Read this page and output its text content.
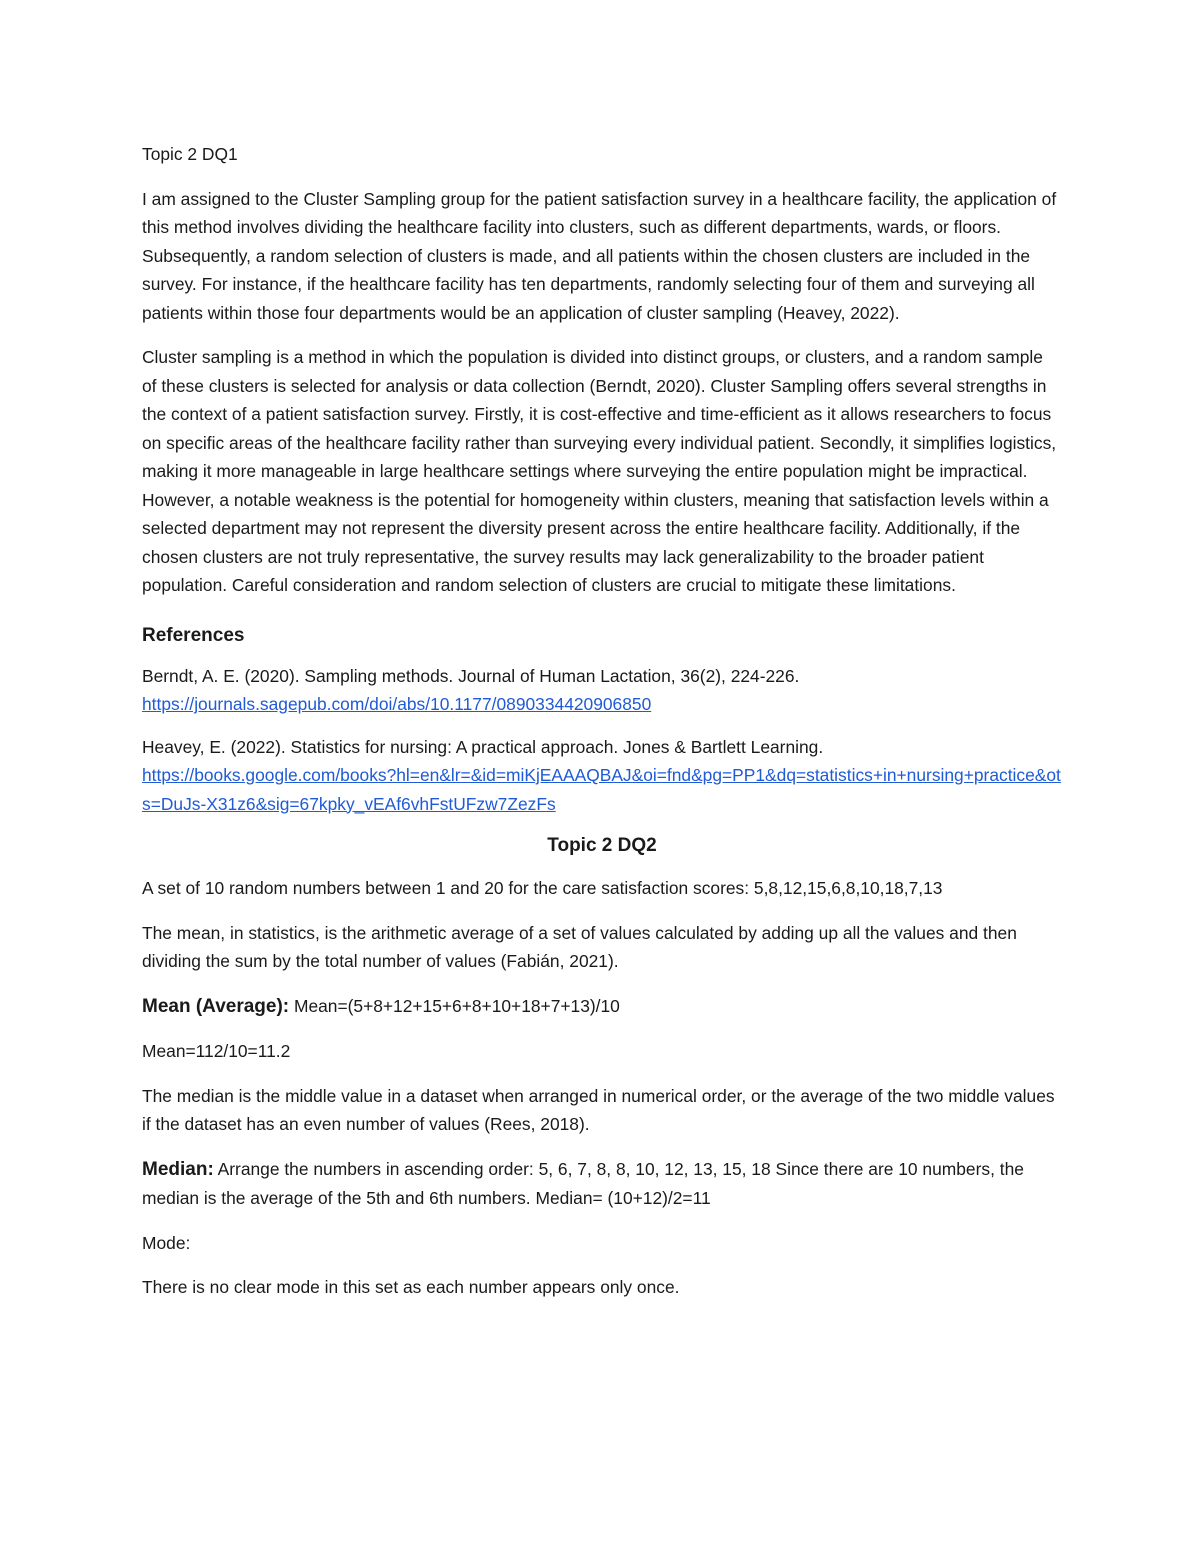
Topic 2 DQ1

I am assigned to the Cluster Sampling group for the patient satisfaction survey in a healthcare facility, the application of this method involves dividing the healthcare facility into clusters, such as different departments, wards, or floors. Subsequently, a random selection of clusters is made, and all patients within the chosen clusters are included in the survey. For instance, if the healthcare facility has ten departments, randomly selecting four of them and surveying all patients within those four departments would be an application of cluster sampling (Heavey, 2022).

Cluster sampling is a method in which the population is divided into distinct groups, or clusters, and a random sample of these clusters is selected for analysis or data collection (Berndt, 2020). Cluster Sampling offers several strengths in the context of a patient satisfaction survey. Firstly, it is cost-effective and time-efficient as it allows researchers to focus on specific areas of the healthcare facility rather than surveying every individual patient. Secondly, it simplifies logistics, making it more manageable in large healthcare settings where surveying the entire population might be impractical. However, a notable weakness is the potential for homogeneity within clusters, meaning that satisfaction levels within a selected department may not represent the diversity present across the entire healthcare facility. Additionally, if the chosen clusters are not truly representative, the survey results may lack generalizability to the broader patient population. Careful consideration and random selection of clusters are crucial to mitigate these limitations.

References
Berndt, A. E. (2020). Sampling methods. Journal of Human Lactation, 36(2), 224-226.
https://journals.sagepub.com/doi/abs/10.1177/0890334420906850
Heavey, E. (2022). Statistics for nursing: A practical approach. Jones & Bartlett Learning.
https://books.google.com/books?hl=en&lr=&id=miKjEAAAQBAJ&oi=fnd&pg=PP1&dq=statistics+in+nursing+practice&ots=DuJs-X31z6&sig=67kpky_vEAf6vhFstUFzw7ZezFs
Topic 2 DQ2

A set of 10 random numbers between 1 and 20 for the care satisfaction scores: 5,8,12,15,6,8,10,18,7,13

The mean, in statistics, is the arithmetic average of a set of values calculated by adding up all the values and then dividing the sum by the total number of values (Fabián, 2021).

Mean (Average): Mean=(5+8+12+15+6+8+10+18+7+13)/10

Mean=112/10=11.2

The median is the middle value in a dataset when arranged in numerical order, or the average of the two middle values if the dataset has an even number of values (Rees, 2018).

Median: Arrange the numbers in ascending order: 5, 6, 7, 8, 8, 10, 12, 13, 15, 18 Since there are 10 numbers, the median is the average of the 5th and 6th numbers. Median= (10+12)/2=11

Mode:

There is no clear mode in this set as each number appears only once.
